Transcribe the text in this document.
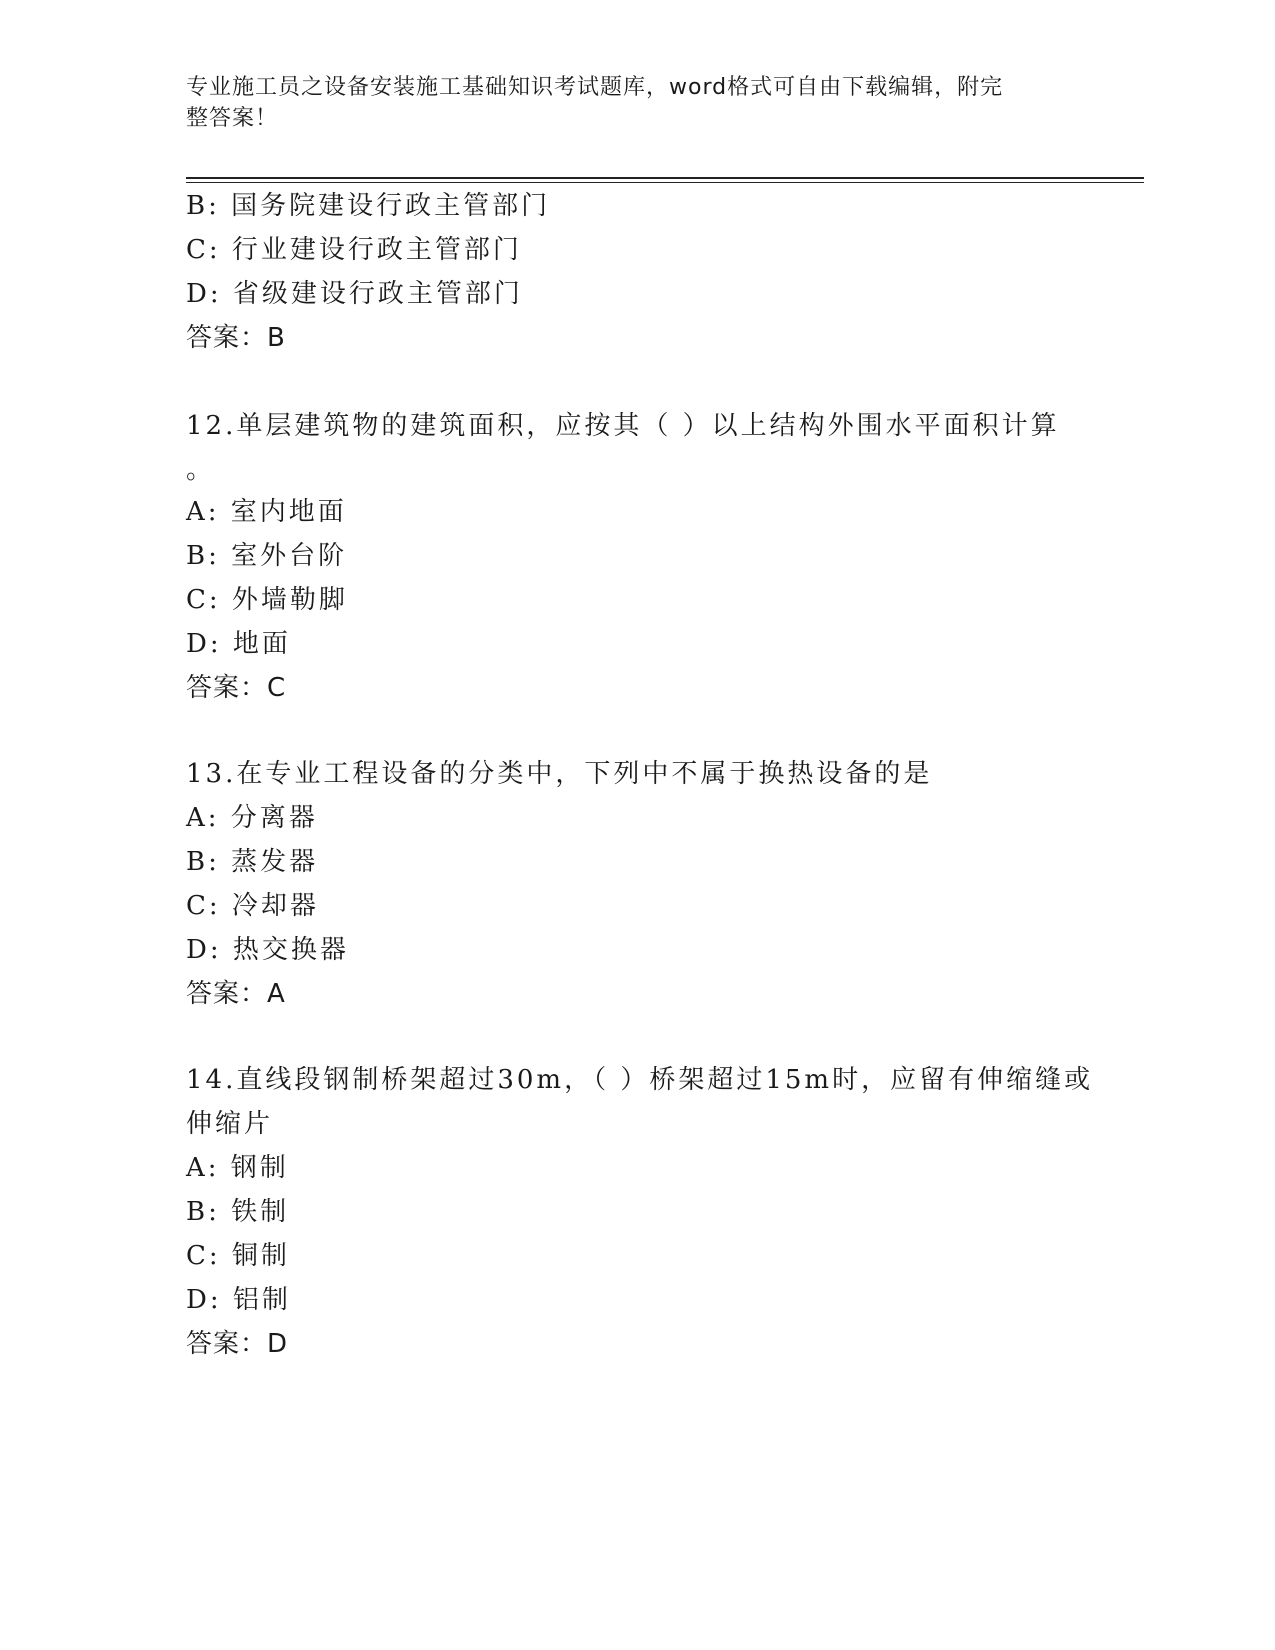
专业施工员之设备安装施工基础知识考试题库，word格式可自由下载编辑，附完
整答案！
B: 国务院建设行政主管部门
C: 行业建设行政主管部门
D: 省级建设行政主管部门
答案：B
12.单层建筑物的建筑面积，应按其（ ）以上结构外围水平面积计算
。
A: 室内地面
B: 室外台阶
C: 外墙勒脚
D: 地面
答案：C
13.在专业工程设备的分类中，下列中不属于换热设备的是
A: 分离器
B: 蒸发器
C: 冷却器
D: 热交换器
答案：A
14.直线段钢制桥架超过30m，（ ）桥架超过15m时，应留有伸缩缝或
伸缩片
A: 钢制
B: 铁制
C: 铜制
D: 铝制
答案：D
